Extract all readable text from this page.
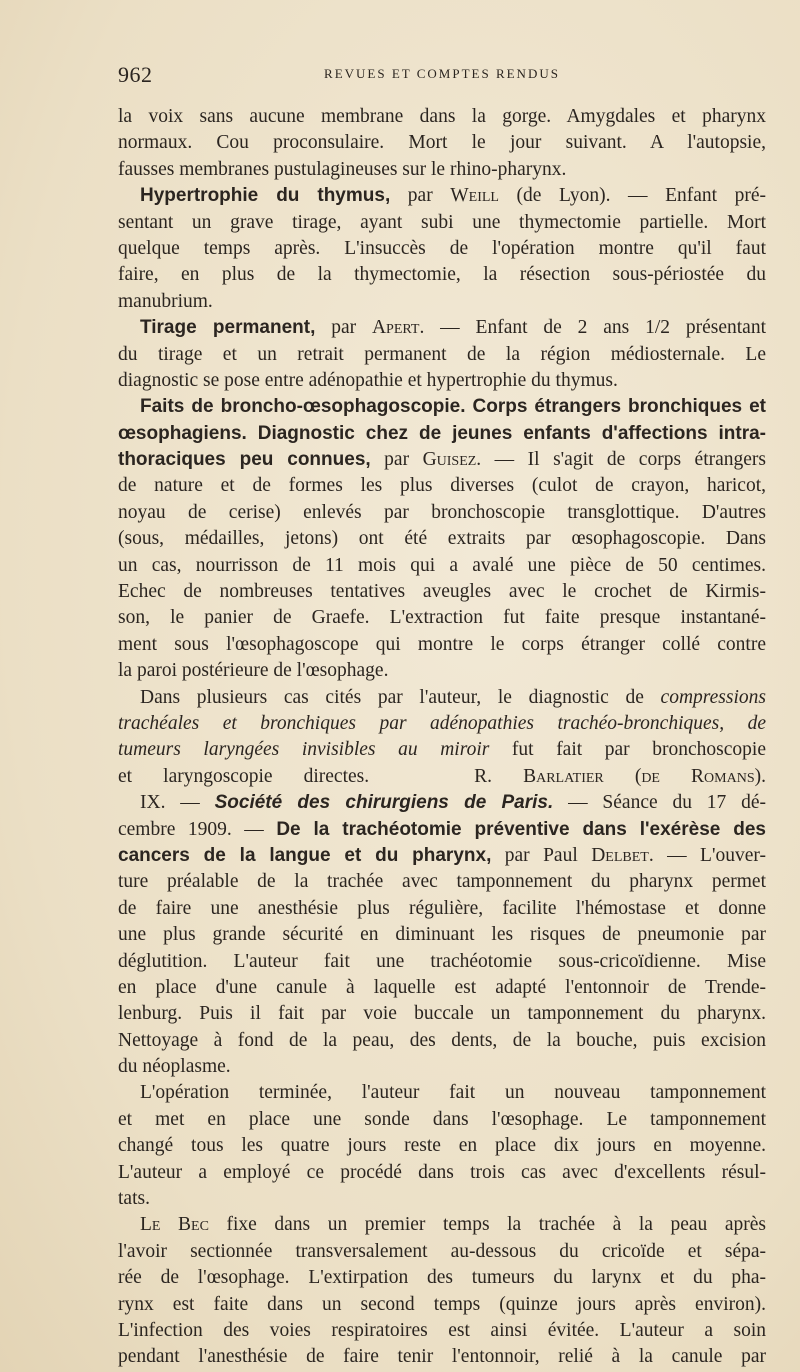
962	REVUES ET COMPTES RENDUS
la voix sans aucune membrane dans la gorge. Amygdales et pharynx
normaux. Cou proconsulaire. Mort le jour suivant. A l'autopsie,
fausses membranes pustulagineuses sur le rhino-pharynx.
Hypertrophie du thymus, par Weill (de Lyon). — Enfant pré-
sentant un grave tirage, ayant subi une thymectomie partielle. Mort
quelque temps après. L'insuccès de l'opération montre qu'il faut
faire, en plus de la thymectomie, la résection sous-périostée du
manubrium.
Tirage permanent, par Apert. — Enfant de 2 ans 1/2 présentant
du tirage et un retrait permanent de la région médiosternale. Le
diagnostic se pose entre adénopathie et hypertrophie du thymus.
Faits de broncho-œsophagoscopie. Corps étrangers bronchiques et
œsophagiens. Diagnostic chez de jeunes enfants d'affections intra-
thoraciques peu connues, par Guisez. — Il s'agit de corps étrangers
de nature et de formes les plus diverses (culot de crayon, haricot,
noyau de cerise) enlevés par bronchoscopie transglottique. D'autres
(sous, médailles, jetons) ont été extraits par œsophagoscopie. Dans
un cas, nourrisson de 11 mois qui a avalé une pièce de 50 centimes.
Echec de nombreuses tentatives aveugles avec le crochet de Kirmis-
son, le panier de Graefe. L'extraction fut faite presque instantané-
ment sous l'œsophagoscope qui montre le corps étranger collé contre
la paroi postérieure de l'œsophage.
Dans plusieurs cas cités par l'auteur, le diagnostic de compressions
trachéales et bronchiques par adénopathies trachéo-bronchiques, de
tumeurs laryngées invisibles au miroir fut fait par bronchoscopie
et laryngoscopie directes.	R. Barlatier (de Romans).
IX. — Société des chirurgiens de Paris. — Séance du 17 dé-
cembre 1909. — De la trachéotomie préventive dans l'exérèse des
cancers de la langue et du pharynx, par Paul Delbet. — L'ouver-
ture préalable de la trachée avec tamponnement du pharynx permet
de faire une anesthésie plus régulière, facilite l'hémostase et donne
une plus grande sécurité en diminuant les risques de pneumonie par
déglutition. L'auteur fait une trachéotomie sous-cricoïdienne. Mise
en place d'une canule à laquelle est adapté l'entonnoir de Trende-
lenburg. Puis il fait par voie buccale un tamponnement du pharynx.
Nettoyage à fond de la peau, des dents, de la bouche, puis excision
du néoplasme.
L'opération terminée, l'auteur fait un nouveau tamponnement
et met en place une sonde dans l'œsophage. Le tamponnement
changé tous les quatre jours reste en place dix jours en moyenne.
L'auteur a employé ce procédé dans trois cas avec d'excellents résul-
tats.
Le Bec fixe dans un premier temps la trachée à la peau après
l'avoir sectionnée transversalement au-dessous du cricoïde et sépa-
rée de l'œsophage. L'extirpation des tumeurs du larynx et du pha-
rynx est faite dans un second temps (quinze jours après environ).
L'infection des voies respiratoires est ainsi évitée. L'auteur a soin
pendant l'anesthésie de faire tenir l'entonnoir, relié à la canule par
